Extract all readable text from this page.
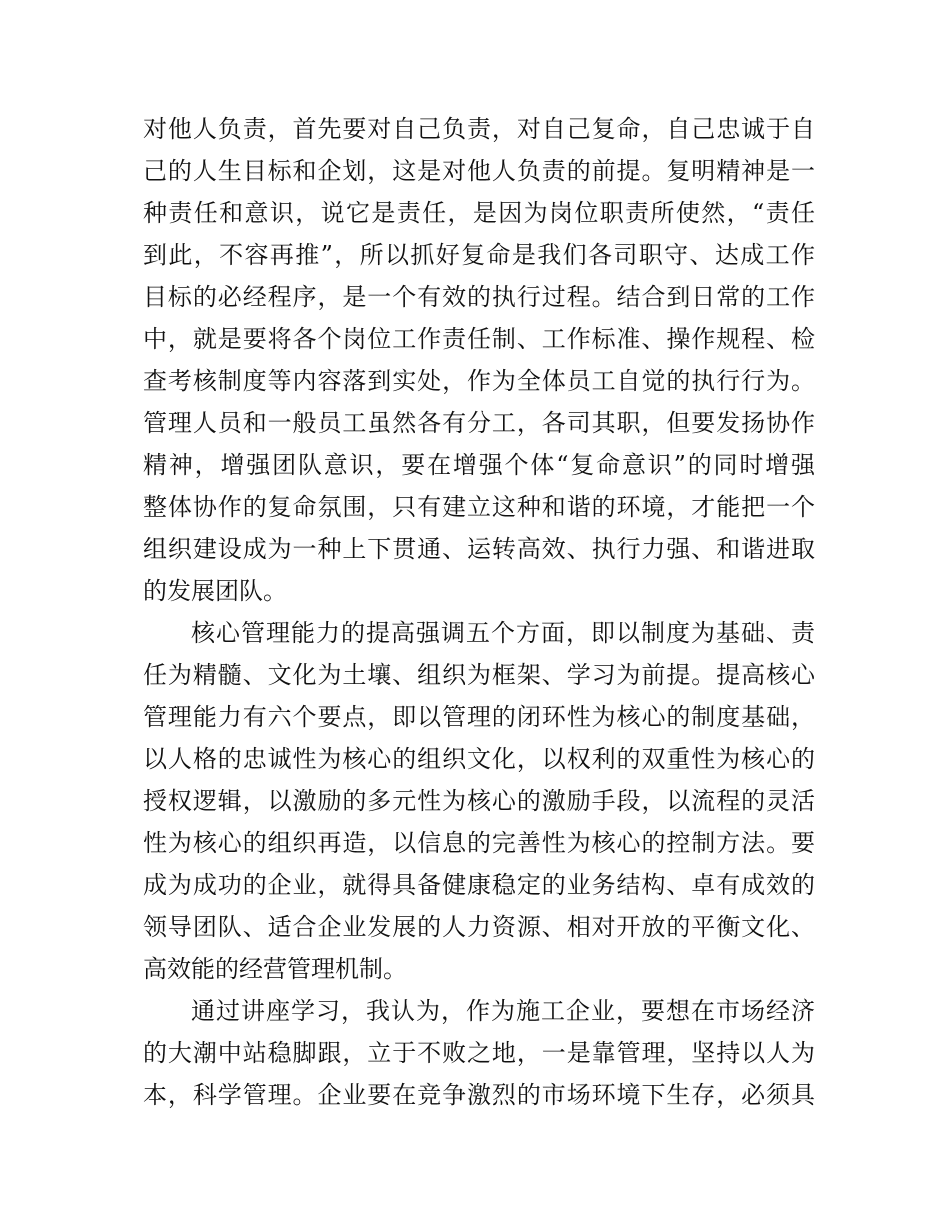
对他人负责，首先要对自己负责，对自己复命，自己忠诚于自
己的人生目标和企划，这是对他人负责的前提。复明精神是一
种责任和意识，说它是责任，是因为岗位职责所使然，“责任
到此，不容再推”，所以抓好复命是我们各司职守、达成工作
目标的必经程序，是一个有效的执行过程。结合到日常的工作
中，就是要将各个岗位工作责任制、工作标准、操作规程、检
查考核制度等内容落到实处，作为全体员工自觉的执行行为。
管理人员和一般员工虽然各有分工，各司其职，但要发扬协作
精神，增强团队意识，要在增强个体“复命意识”的同时增强
整体协作的复命氛围，只有建立这种和谐的环境，才能把一个
组织建设成为一种上下贯通、运转高效、执行力强、和谐进取
的发展团队。
核心管理能力的提高强调五个方面，即以制度为基础、责
任为精髓、文化为土壤、组织为框架、学习为前提。提高核心
管理能力有六个要点，即以管理的闭环性为核心的制度基础，
以人格的忠诚性为核心的组织文化，以权利的双重性为核心的
授权逻辑，以激励的多元性为核心的激励手段，以流程的灵活
性为核心的组织再造，以信息的完善性为核心的控制方法。要
成为成功的企业，就得具备健康稳定的业务结构、卓有成效的
领导团队、适合企业发展的人力资源、相对开放的平衡文化、
高效能的经营管理机制。
通过讲座学习，我认为，作为施工企业，要想在市场经济
的大潮中站稳脚跟，立于不败之地，一是靠管理，坚持以人为
本，科学管理。企业要在竞争激烈的市场环境下生存，必须具
